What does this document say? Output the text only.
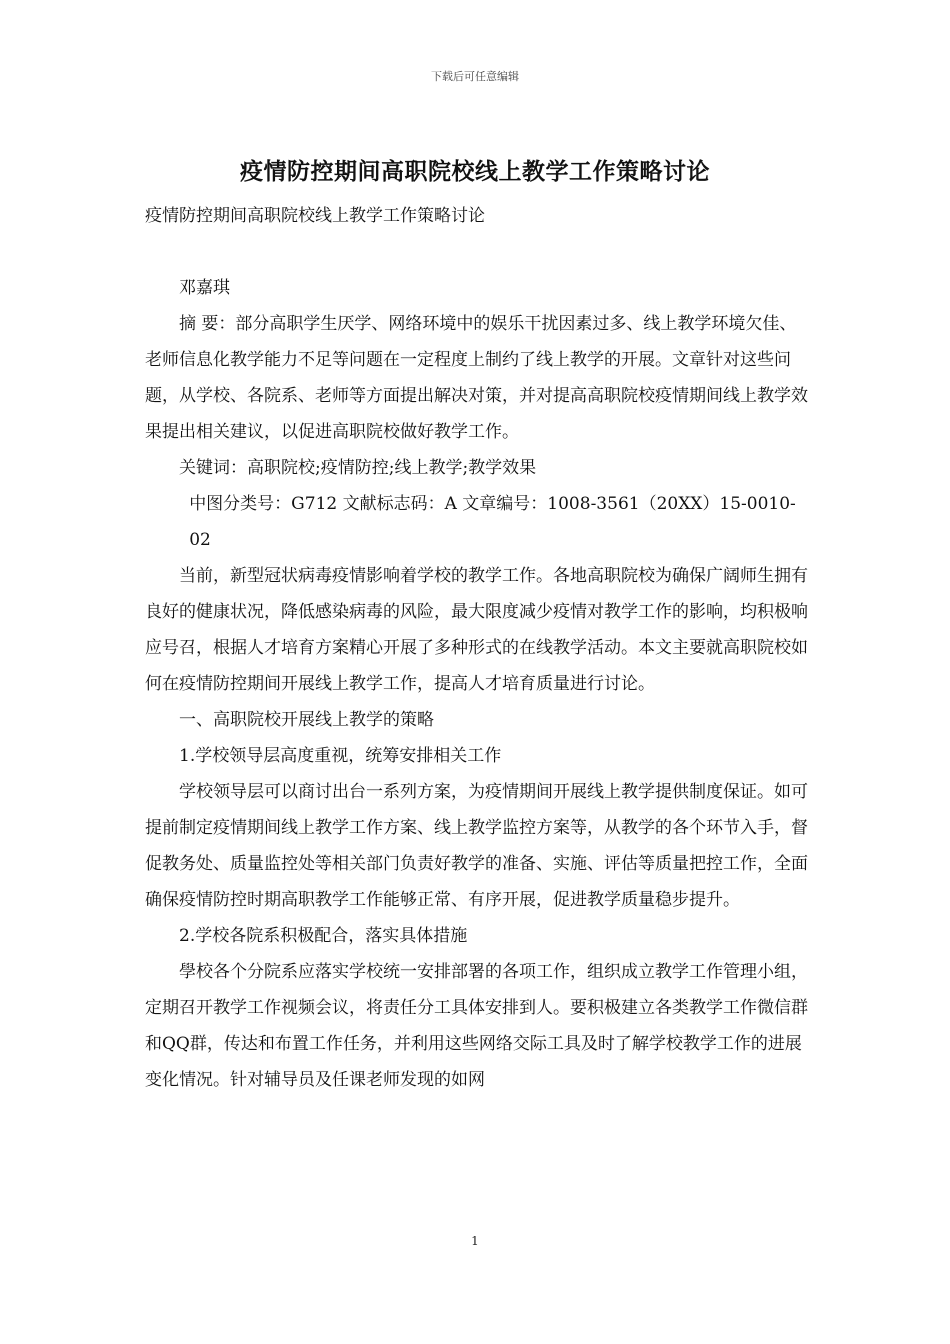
下载后可任意编辑
疫情防控期间高职院校线上教学工作策略讨论

疫情防控期间高职院校线上教学工作策略讨论

邓嘉琪

摘 要：部分高职学生厌学、网络环境中的娱乐干扰因素过多、线上教学环境欠佳、老师信息化教学能力不足等问题在一定程度上制约了线上教学的开展。文章针对这些问题，从学校、各院系、老师等方面提出解决对策，并对提高高职院校疫情期间线上教学效果提出相关建议，以促进高职院校做好教学工作。

关键词：高职院校;疫情防控;线上教学;教学效果

中图分类号：G712 文献标志码：A 文章编号：1008-3561（20XX）15-0010-02

当前，新型冠状病毒疫情影响着学校的教学工作。各地高职院校为确保广阔师生拥有良好的健康状况，降低感染病毒的风险，最大限度减少疫情对教学工作的影响，均积极响应号召，根据人才培育方案精心开展了多种形式的在线教学活动。本文主要就高职院校如何在疫情防控期间开展线上教学工作，提高人才培育质量进行讨论。

一、高职院校开展线上教学的策略

1.学校领导层高度重视，统筹安排相关工作

学校领导层可以商讨出台一系列方案，为疫情期间开展线上教学提供制度保证。如可提前制定疫情期间线上教学工作方案、线上教学监控方案等，从教学的各个环节入手，督促教务处、质量监控处等相关部门负责好教学的准备、实施、评估等质量把控工作，全面确保疫情防控时期高职教学工作能够正常、有序开展，促进教学质量稳步提升。

2.学校各院系积极配合，落实具体措施

學校各个分院系应落实学校统一安排部署的各项工作，组织成立教学工作管理小组，定期召开教学工作视频会议，将责任分工具体安排到人。要积极建立各类教学工作微信群和QQ群，传达和布置工作任务，并利用这些网络交际工具及时了解学校教学工作的进展变化情况。针对辅导员及任课老师发现的如网

1
